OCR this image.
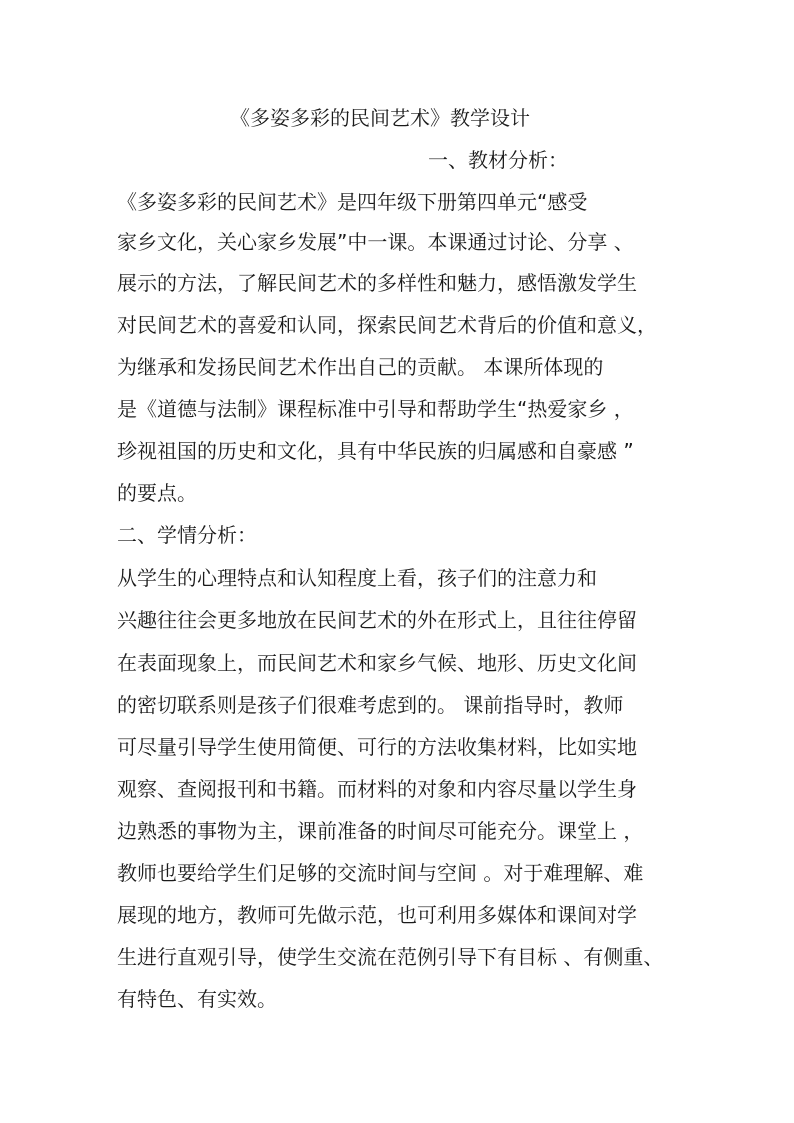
《多姿多彩的民间艺术》教学设计
一、教材分析：
《多姿多彩的民间艺术》是四年级下册第四单元“感受
家乡文化，关心家乡发展”中一课。本课通过讨论、分享 、
展示的方法，了解民间艺术的多样性和魅力，感悟激发学生
对民间艺术的喜爱和认同，探索民间艺术背后的价值和意义，
为继承和发扬民间艺术作出自己的贡献。 本课所体现的
是《道德与法制》课程标准中引导和帮助学生“热爱家乡 ，
珍视祖国的历史和文化，具有中华民族的归属感和自豪感 ”
的要点。
二、学情分析：
从学生的心理特点和认知程度上看，孩子们的注意力和
兴趣往往会更多地放在民间艺术的外在形式上，且往往停留
在表面现象上，而民间艺术和家乡气候、地形、历史文化间
的密切联系则是孩子们很难考虑到的。 课前指导时，教师
可尽量引导学生使用简便、可行的方法收集材料，比如实地
观察、查阅报刊和书籍。而材料的对象和内容尽量以学生身
边熟悉的事物为主，课前准备的时间尽可能充分。课堂上 ，
教师也要给学生们足够的交流时间与空间 。对于难理解、难
展现的地方，教师可先做示范，也可利用多媒体和课间对学
生进行直观引导，使学生交流在范例引导下有目标 、有侧重、
有特色、有实效。
